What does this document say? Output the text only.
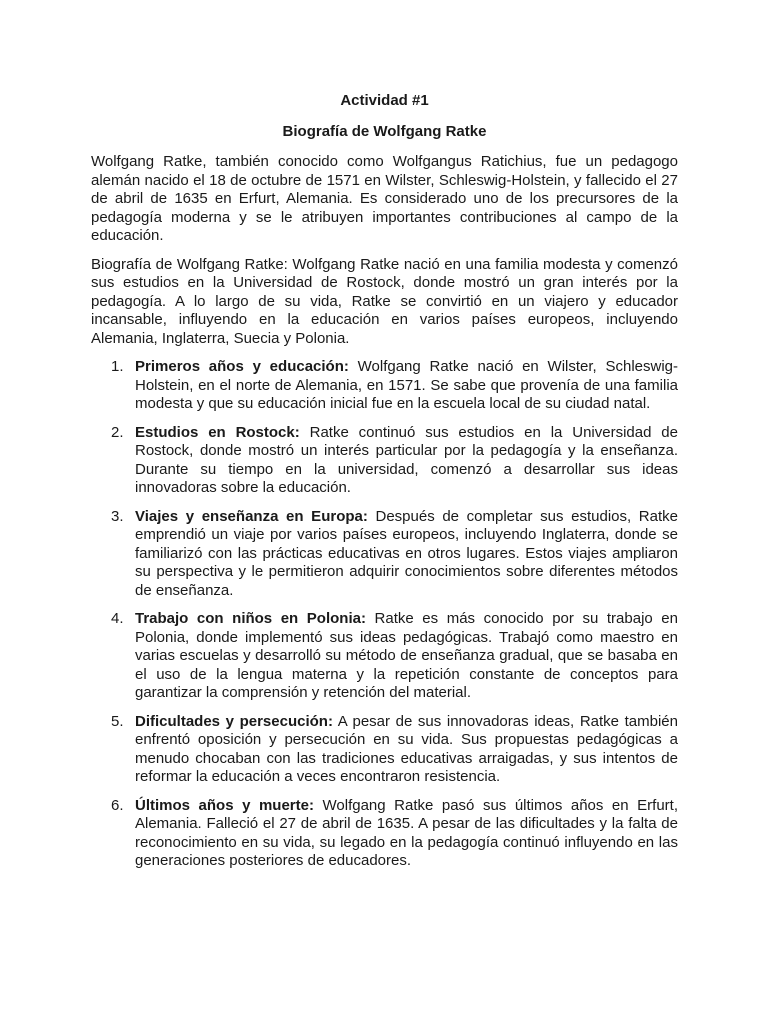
Actividad #1

Biografía de Wolfgang Ratke

Wolfgang Ratke, también conocido como Wolfgangus Ratichius, fue un pedagogo alemán nacido el 18 de octubre de 1571 en Wilster, Schleswig-Holstein, y fallecido el 27 de abril de 1635 en Erfurt, Alemania. Es considerado uno de los precursores de la pedagogía moderna y se le atribuyen importantes contribuciones al campo de la educación.

Biografía de Wolfgang Ratke: Wolfgang Ratke nació en una familia modesta y comenzó sus estudios en la Universidad de Rostock, donde mostró un gran interés por la pedagogía. A lo largo de su vida, Ratke se convirtió en un viajero y educador incansable, influyendo en la educación en varios países europeos, incluyendo Alemania, Inglaterra, Suecia y Polonia.

1. Primeros años y educación: Wolfgang Ratke nació en Wilster, Schleswig-Holstein, en el norte de Alemania, en 1571. Se sabe que provenía de una familia modesta y que su educación inicial fue en la escuela local de su ciudad natal.
2. Estudios en Rostock: Ratke continuó sus estudios en la Universidad de Rostock, donde mostró un interés particular por la pedagogía y la enseñanza. Durante su tiempo en la universidad, comenzó a desarrollar sus ideas innovadoras sobre la educación.
3. Viajes y enseñanza en Europa: Después de completar sus estudios, Ratke emprendió un viaje por varios países europeos, incluyendo Inglaterra, donde se familiarizó con las prácticas educativas en otros lugares. Estos viajes ampliaron su perspectiva y le permitieron adquirir conocimientos sobre diferentes métodos de enseñanza.
4. Trabajo con niños en Polonia: Ratke es más conocido por su trabajo en Polonia, donde implementó sus ideas pedagógicas. Trabajó como maestro en varias escuelas y desarrolló su método de enseñanza gradual, que se basaba en el uso de la lengua materna y la repetición constante de conceptos para garantizar la comprensión y retención del material.
5. Dificultades y persecución: A pesar de sus innovadoras ideas, Ratke también enfrentó oposición y persecución en su vida. Sus propuestas pedagógicas a menudo chocaban con las tradiciones educativas arraigadas, y sus intentos de reformar la educación a veces encontraron resistencia.
6. Últimos años y muerte: Wolfgang Ratke pasó sus últimos años en Erfurt, Alemania. Falleció el 27 de abril de 1635. A pesar de las dificultades y la falta de reconocimiento en su vida, su legado en la pedagogía continuó influyendo en las generaciones posteriores de educadores.
